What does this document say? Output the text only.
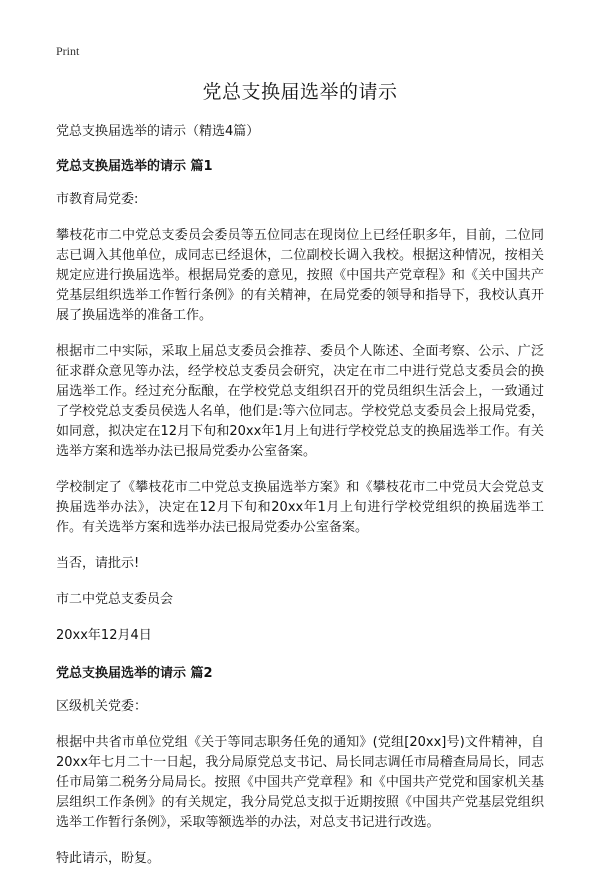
Print
党总支换届选举的请示

党总支换届选举的请示（精选4篇）

党总支换届选举的请示 篇1

市教育局党委:

攀枝花市二中党总支委员会委员等五位同志在现岗位上已经任职多年，目前，二位同志已调入其他单位，成同志已经退休，二位副校长调入我校。根据这种情况，按相关规定应进行换届选举。根据局党委的意见，按照《中国共产党章程》和《关中国共产党基层组织选举工作暂行条例》的有关精神，在局党委的领导和指导下，我校认真开展了换届选举的准备工作。

根据市二中实际，采取上届总支委员会推荐、委员个人陈述、全面考察、公示、广泛征求群众意见等办法，经学校总支委员会研究，决定在市二中进行党总支委员会的换届选举工作。经过充分酝酿，在学校党总支组织召开的党员组织生活会上，一致通过了学校党总支委员侯选人名单，他们是:等六位同志。学校党总支委员会上报局党委，如同意，拟决定在12月下旬和20xx年1月上旬进行学校党总支的换届选举工作。有关选举方案和选举办法已报局党委办公室备案。

学校制定了《攀枝花市二中党总支换届选举方案》和《攀枝花市二中党员大会党总支换届选举办法》，决定在12月下旬和20xx年1月上旬进行学校党组织的换届选举工作。有关选举方案和选举办法已报局党委办公室备案。

当否，请批示!

市二中党总支委员会

20xx年12月4日

党总支换届选举的请示 篇2

区级机关党委：

根据中共省市单位党组《关于等同志职务任免的通知》(党组[20xx]号)文件精神，自20xx年七月二十一日起，我分局原党总支书记、局长同志调任市局稽查局局长，同志任市局第二税务分局局长。按照《中国共产党章程》和《中国共产党党和国家机关基层组织工作条例》的有关规定，我分局党总支拟于近期按照《中国共产党基层党组织选举工作暂行条例》，采取等额选举的办法，对总支书记进行改选。

特此请示，盼复。
